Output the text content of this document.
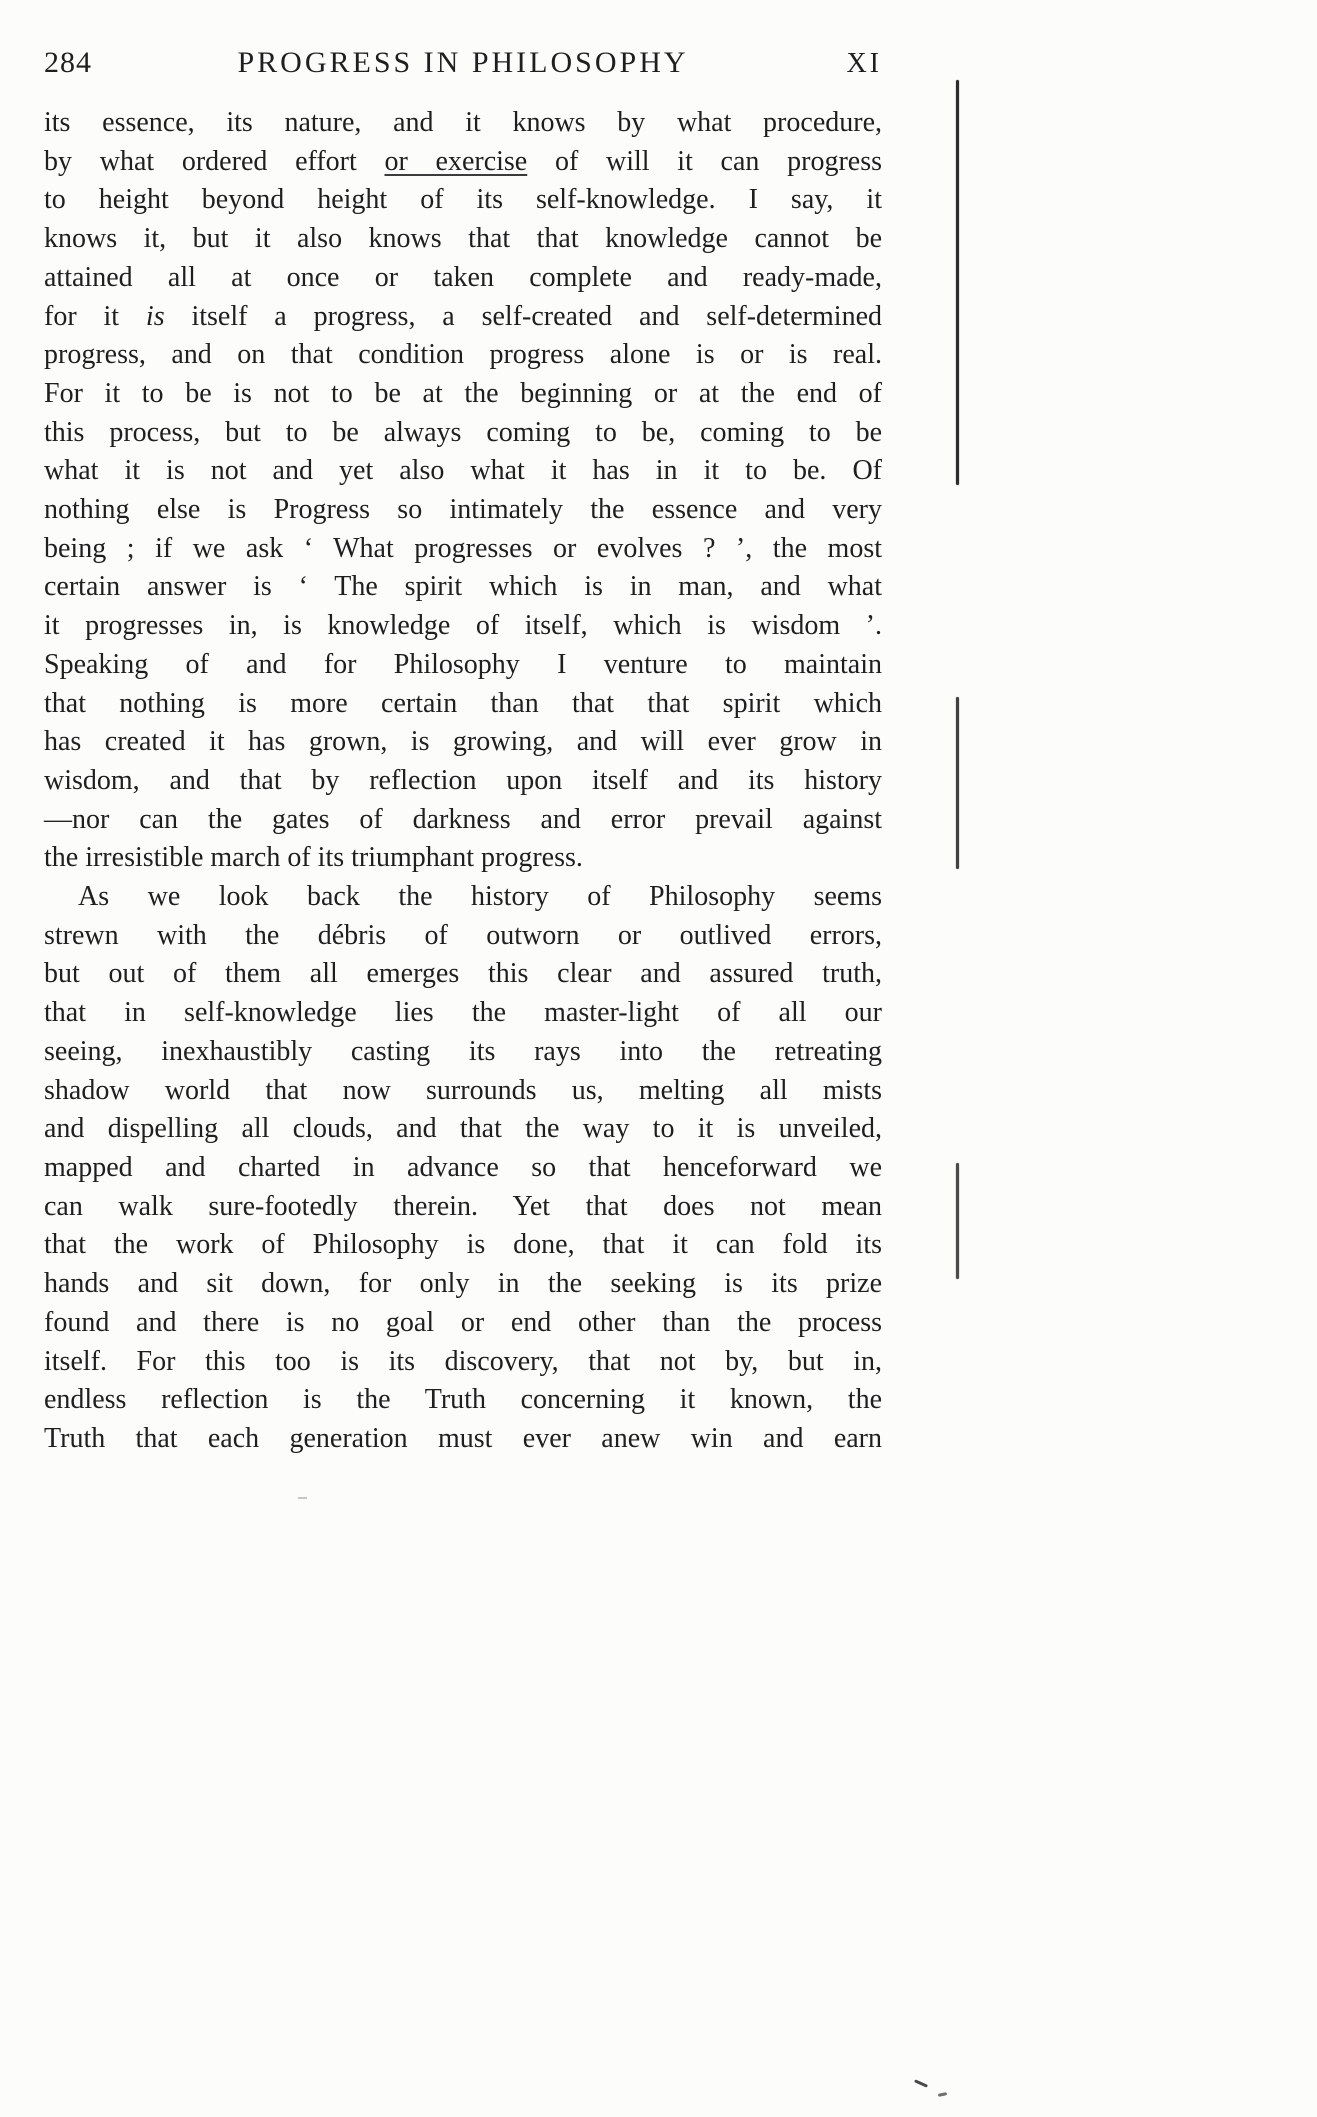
284	PROGRESS IN PHILOSOPHY	XI
its essence, its nature, and it knows by what procedure,
by what ordered effort or exercise of will it can progress
to height beyond height of its self-knowledge. I say, it
knows it, but it also knows that that knowledge cannot be
attained all at once or taken complete and ready-made,
for it is itself a progress, a self-created and self-determined
progress, and on that condition progress alone is or is real.
For it to be is not to be at the beginning or at the end of
this process, but to be always coming to be, coming to be
what it is not and yet also what it has in it to be. Of
nothing else is Progress so intimately the essence and very
being ; if we ask ‘ What progresses or evolves ? ’, the most
certain answer is ‘ The spirit which is in man, and what
it progresses in, is knowledge of itself, which is wisdom ’.
Speaking of and for Philosophy I venture to maintain
that nothing is more certain than that that spirit which
has created it has grown, is growing, and will ever grow in
wisdom, and that by reflection upon itself and its history
—nor can the gates of darkness and error prevail against
the irresistible march of its triumphant progress.
As we look back the history of Philosophy seems
strewn with the débris of outworn or outlived errors,
but out of them all emerges this clear and assured truth,
that in self-knowledge lies the master-light of all our
seeing, inexhaustibly casting its rays into the retreating
shadow world that now surrounds us, melting all mists
and dispelling all clouds, and that the way to it is unveiled,
mapped and charted in advance so that henceforward we
can walk sure-footedly therein. Yet that does not mean
that the work of Philosophy is done, that it can fold its
hands and sit down, for only in the seeking is its prize
found and there is no goal or end other than the process
itself. For this too is its discovery, that not by, but in,
endless reflection is the Truth concerning it known, the
Truth that each generation must ever anew win and earn
